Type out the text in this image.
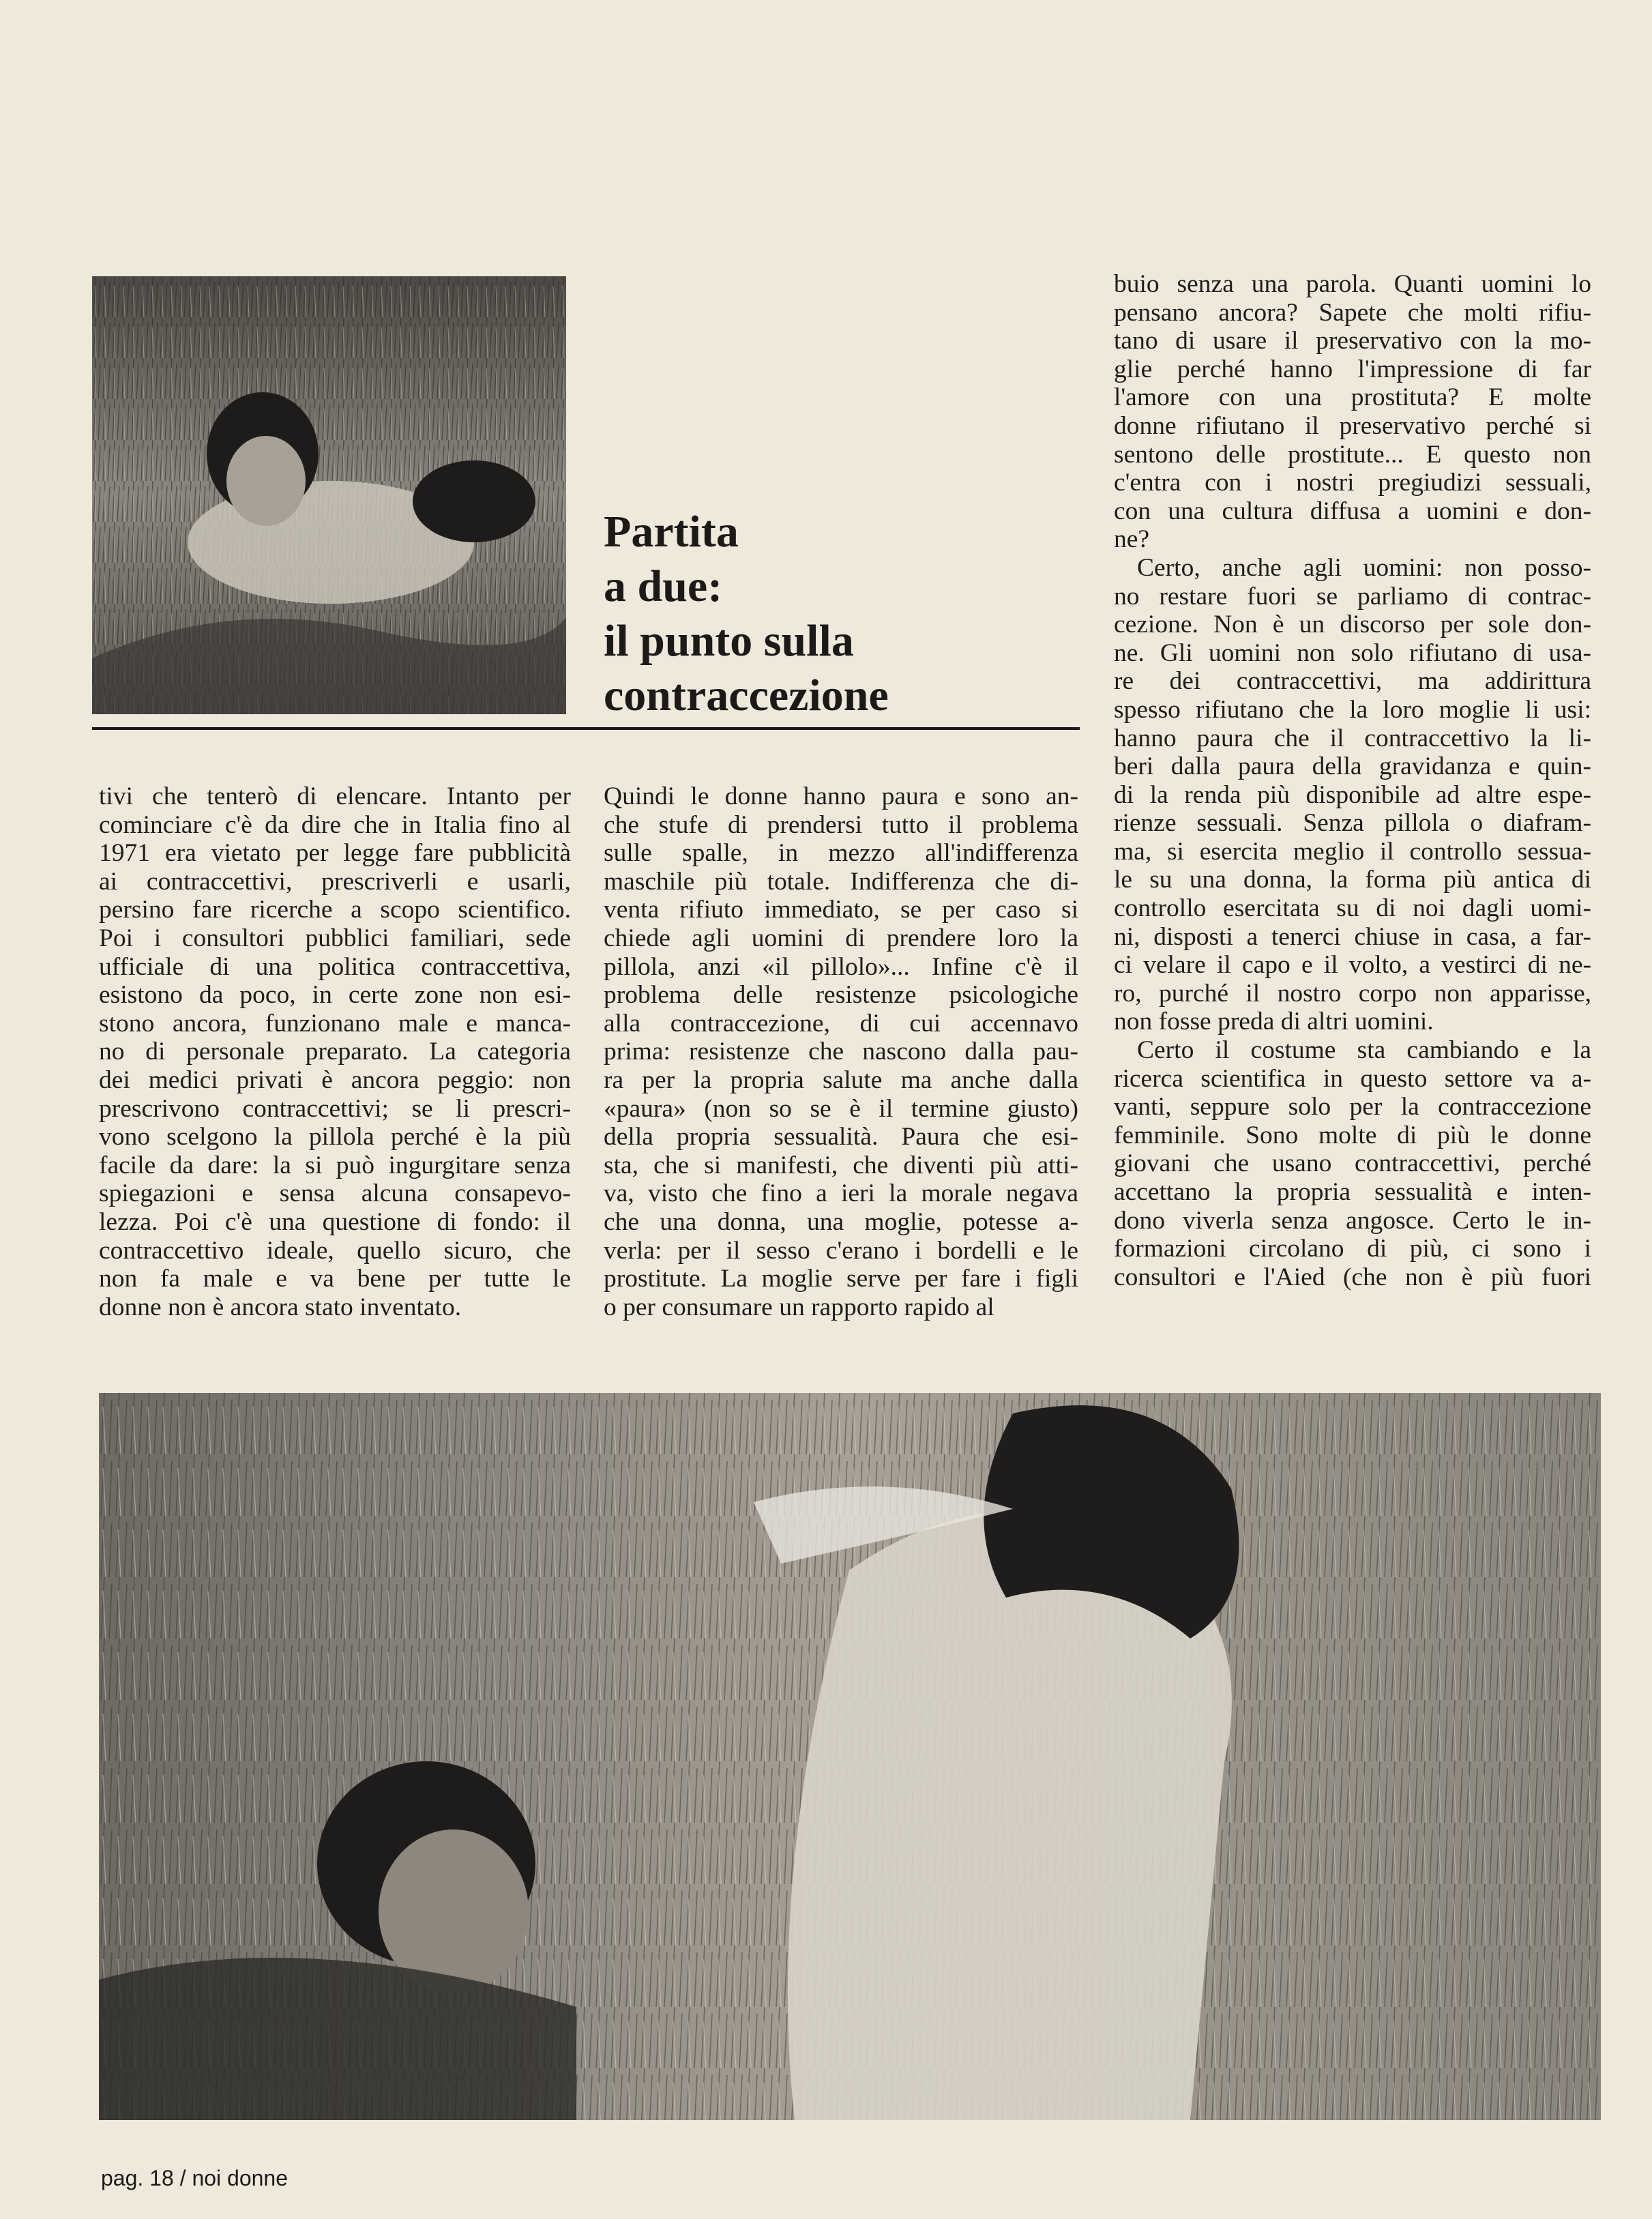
Partita
a due:
il punto sulla
contraccezione
tivi che tenterò di elencare. Intanto per
cominciare c'è da dire che in Italia fino al
1971 era vietato per legge fare pubblicità
ai contraccettivi, prescriverli e usarli,
persino fare ricerche a scopo scientifico.
Poi i consultori pubblici familiari, sede
ufficiale di una politica contraccettiva,
esistono da poco, in certe zone non esi-
stono ancora, funzionano male e manca-
no di personale preparato. La categoria
dei medici privati è ancora peggio: non
prescrivono contraccettivi; se li prescri-
vono scelgono la pillola perché è la più
facile da dare: la si può ingurgitare senza
spiegazioni e sensa alcuna consapevo-
lezza. Poi c'è una questione di fondo: il
contraccettivo ideale, quello sicuro, che
non fa male e va bene per tutte le
donne non è ancora stato inventato.
Quindi le donne hanno paura e sono an-
che stufe di prendersi tutto il problema
sulle spalle, in mezzo all'indifferenza
maschile più totale. Indifferenza che di-
venta rifiuto immediato, se per caso si
chiede agli uomini di prendere loro la
pillola, anzi «il pillolo»... Infine c'è il
problema delle resistenze psicologiche
alla contraccezione, di cui accennavo
prima: resistenze che nascono dalla pau-
ra per la propria salute ma anche dalla
«paura» (non so se è il termine giusto)
della propria sessualità. Paura che esi-
sta, che si manifesti, che diventi più atti-
va, visto che fino a ieri la morale negava
che una donna, una moglie, potesse a-
verla: per il sesso c'erano i bordelli e le
prostitute. La moglie serve per fare i figli
o per consumare un rapporto rapido al
buio senza una parola. Quanti uomini lo
pensano ancora? Sapete che molti rifiu-
tano di usare il preservativo con la mo-
glie perché hanno l'impressione di far
l'amore con una prostituta? E molte
donne rifiutano il preservativo perché si
sentono delle prostitute... E questo non
c'entra con i nostri pregiudizi sessuali,
con una cultura diffusa a uomini e don-
ne?
Certo, anche agli uomini: non posso-
no restare fuori se parliamo di contrac-
cezione. Non è un discorso per sole don-
ne. Gli uomini non solo rifiutano di usa-
re dei contraccettivi, ma addirittura
spesso rifiutano che la loro moglie li usi:
hanno paura che il contraccettivo la li-
beri dalla paura della gravidanza e quin-
di la renda più disponibile ad altre espe-
rienze sessuali. Senza pillola o diafram-
ma, si esercita meglio il controllo sessua-
le su una donna, la forma più antica di
controllo esercitata su di noi dagli uomi-
ni, disposti a tenerci chiuse in casa, a far-
ci velare il capo e il volto, a vestirci di ne-
ro, purché il nostro corpo non apparisse,
non fosse preda di altri uomini.
Certo il costume sta cambiando e la
ricerca scientifica in questo settore va a-
vanti, seppure solo per la contraccezione
femminile. Sono molte di più le donne
giovani che usano contraccettivi, perché
accettano la propria sessualità e inten-
dono viverla senza angosce. Certo le in-
formazioni circolano di più, ci sono i
consultori e l'Aied (che non è più fuori
pag. 18 / noi donne
